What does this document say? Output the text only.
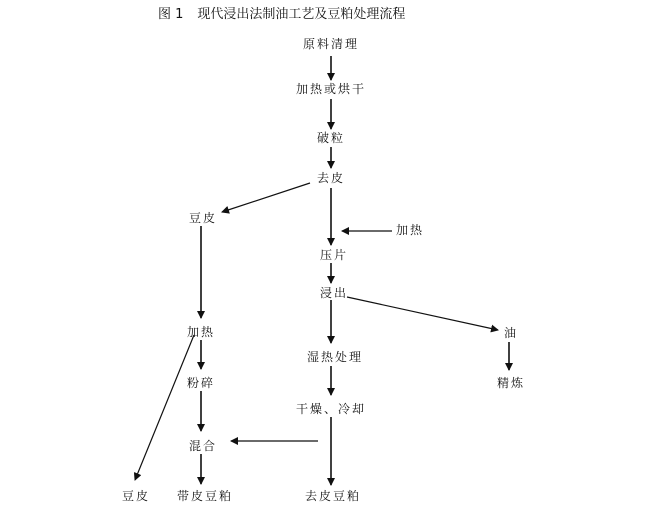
图 1 现代浸出法制油工艺及豆粕处理流程
原料清理
加热或烘干
破粒
去皮
加热
豆皮
压片
浸出
加热	油
湿热处理
粉碎	精炼
干燥、冷却
混合
豆皮 带皮豆粕	去皮豆粕
